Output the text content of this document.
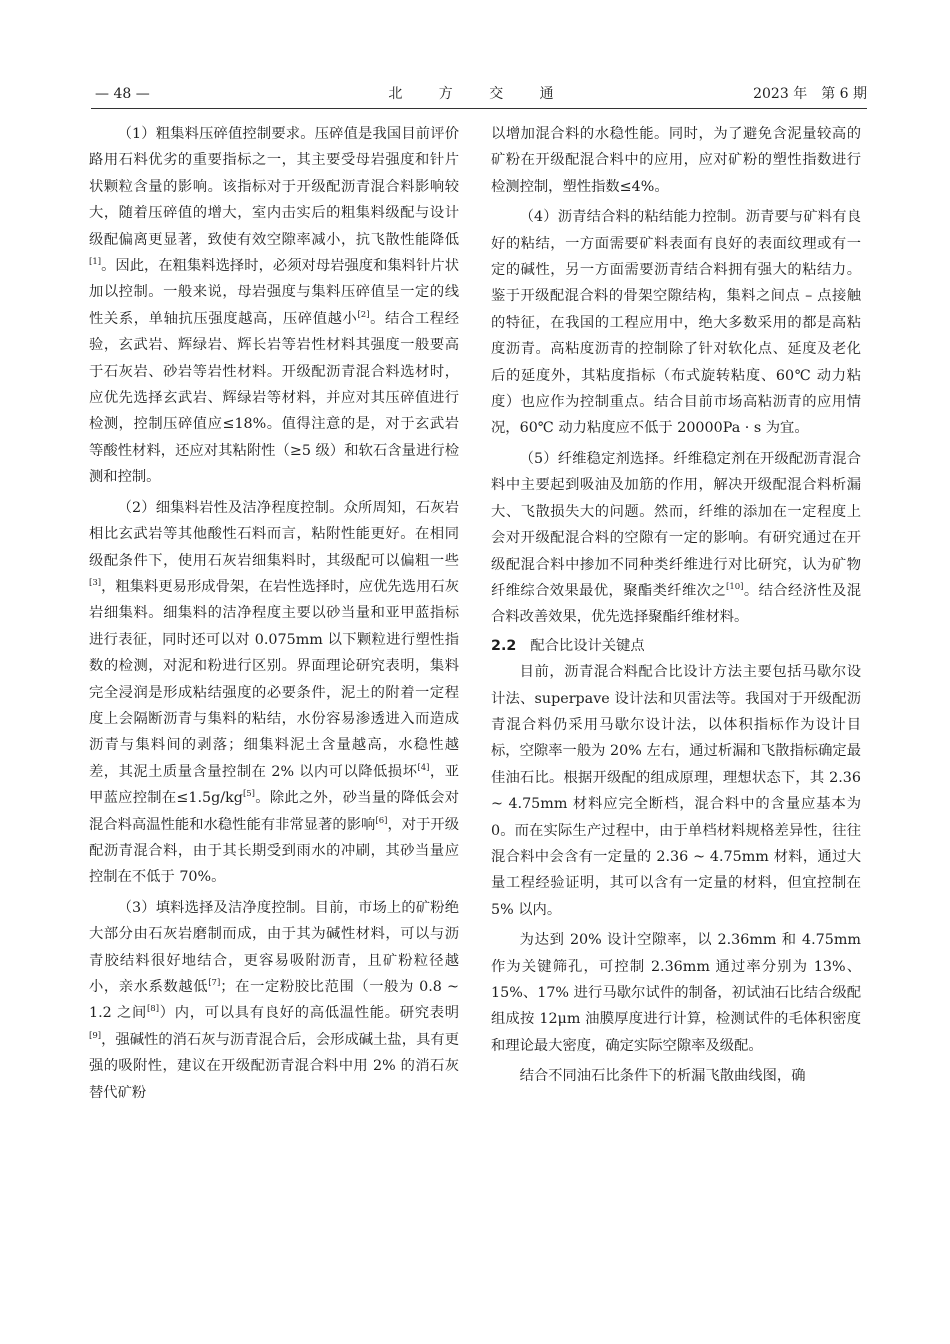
— 48 —	北 方 交 通	2023 年　第 6 期

（1）粗集料压碎值控制要求。压碎值是我国目前评价路用石料优劣的重要指标之一，其主要受母岩强度和针片状颗粒含量的影响。该指标对于开级配沥青混合料影响较大，随着压碎值的增大，室内击实后的粗集料级配与设计级配偏离更显著，致使有效空隙率减小，抗飞散性能降低[1]。因此，在粗集料选择时，必须对母岩强度和集料针片状加以控制。一般来说，母岩强度与集料压碎值呈一定的线性关系，单轴抗压强度越高，压碎值越小[2]。结合工程经验，玄武岩、辉绿岩、辉长岩等岩性材料其强度一般要高于石灰岩、砂岩等岩性材料。开级配沥青混合料选材时，应优先选择玄武岩、辉绿岩等材料，并应对其压碎值进行检测，控制压碎值应≤18%。值得注意的是，对于玄武岩等酸性材料，还应对其粘附性（≥5 级）和软石含量进行检测和控制。

（2）细集料岩性及洁净程度控制。众所周知，石灰岩相比玄武岩等其他酸性石料而言，粘附性能更好。在相同级配条件下，使用石灰岩细集料时，其级配可以偏粗一些[3]，粗集料更易形成骨架，在岩性选择时，应优先选用石灰岩细集料。细集料的洁净程度主要以砂当量和亚甲蓝指标进行表征，同时还可以对 0.075mm 以下颗粒进行塑性指数的检测，对泥和粉进行区别。界面理论研究表明，集料完全浸润是形成粘结强度的必要条件，泥土的附着一定程度上会隔断沥青与集料的粘结，水份容易渗透进入而造成沥青与集料间的剥落；细集料泥土含量越高，水稳性越差，其泥土质量含量控制在 2% 以内可以降低损坏[4]，亚甲蓝应控制在≤1.5g/kg[5]。除此之外，砂当量的降低会对混合料高温性能和水稳性能有非常显著的影响[6]，对于开级配沥青混合料，由于其长期受到雨水的冲刷，其砂当量应控制在不低于 70%。

（3）填料选择及洁净度控制。目前，市场上的矿粉绝大部分由石灰岩磨制而成，由于其为碱性材料，可以与沥青胶结料很好地结合，更容易吸附沥青，且矿粉粒径越小，亲水系数越低[7]；在一定粉胶比范围（一般为 0.8 ~ 1.2 之间[8]）内，可以具有良好的高低温性能。研究表明[9]，强碱性的消石灰与沥青混合后，会形成碱土盐，具有更强的吸附性，建议在开级配沥青混合料中用 2% 的消石灰替代矿粉

以增加混合料的水稳性能。同时，为了避免含泥量较高的矿粉在开级配混合料中的应用，应对矿粉的塑性指数进行检测控制，塑性指数≤4%。

（4）沥青结合料的粘结能力控制。沥青要与矿料有良好的粘结，一方面需要矿料表面有良好的表面纹理或有一定的碱性，另一方面需要沥青结合料拥有强大的粘结力。鉴于开级配混合料的骨架空隙结构，集料之间点 – 点接触的特征，在我国的工程应用中，绝大多数采用的都是高粘度沥青。高粘度沥青的控制除了针对软化点、延度及老化后的延度外，其粘度指标（布式旋转粘度、60℃ 动力粘度）也应作为控制重点。结合目前市场高粘沥青的应用情况，60℃ 动力粘度应不低于 20000Pa · s 为宜。

（5）纤维稳定剂选择。纤维稳定剂在开级配沥青混合料中主要起到吸油及加筋的作用，解决开级配混合料析漏大、飞散损失大的问题。然而，纤维的添加在一定程度上会对开级配混合料的空隙有一定的影响。有研究通过在开级配混合料中掺加不同种类纤维进行对比研究，认为矿物纤维综合效果最优，聚酯类纤维次之[10]。结合经济性及混合料改善效果，优先选择聚酯纤维材料。

2.2 配合比设计关键点

目前，沥青混合料配合比设计方法主要包括马歇尔设计法、superpave 设计法和贝雷法等。我国对于开级配沥青混合料仍采用马歇尔设计法，以体积指标作为设计目标，空隙率一般为 20% 左右，通过析漏和飞散指标确定最佳油石比。根据开级配的组成原理，理想状态下，其 2.36 ~ 4.75mm 材料应完全断档，混合料中的含量应基本为 0。而在实际生产过程中，由于单档材料规格差异性，往往混合料中会含有一定量的 2.36 ~ 4.75mm 材料，通过大量工程经验证明，其可以含有一定量的材料，但宜控制在 5% 以内。

为达到 20% 设计空隙率，以 2.36mm 和 4.75mm 作为关键筛孔，可控制 2.36mm 通过率分别为 13%、15%、17% 进行马歇尔试件的制备，初试油石比结合级配组成按 12μm 油膜厚度进行计算，检测试件的毛体积密度和理论最大密度，确定实际空隙率及级配。

结合不同油石比条件下的析漏飞散曲线图，确
